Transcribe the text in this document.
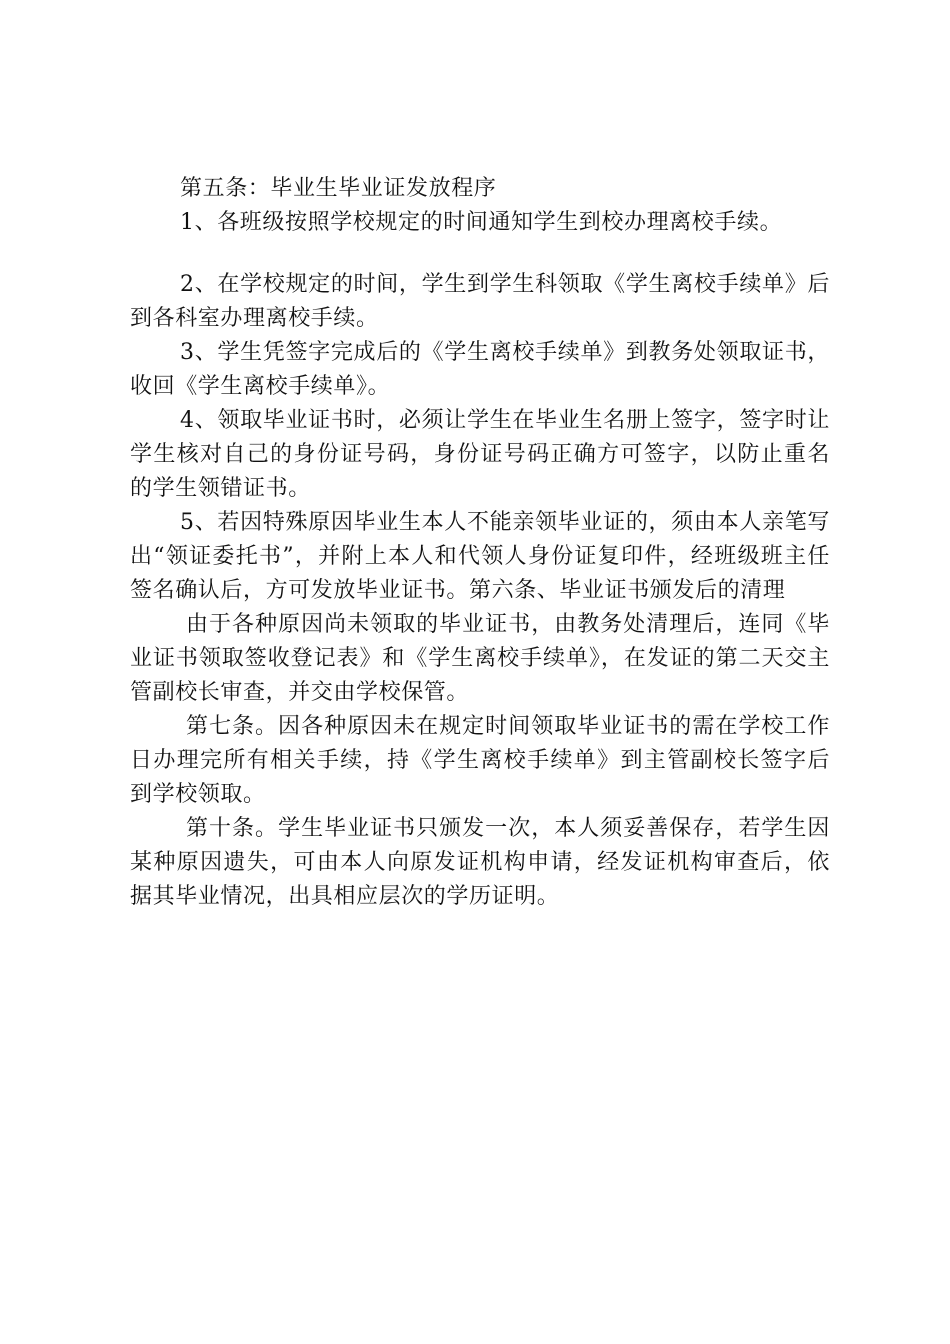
第五条：毕业生毕业证发放程序

1、各班级按照学校规定的时间通知学生到校办理离校手续。

2、在学校规定的时间，学生到学生科领取《学生离校手续单》后到各科室办理离校手续。

3、学生凭签字完成后的《学生离校手续单》到教务处领取证书，收回《学生离校手续单》。

4、领取毕业证书时，必须让学生在毕业生名册上签字，签字时让学生核对自己的身份证号码，身份证号码正确方可签字，以防止重名的学生领错证书。

5、若因特殊原因毕业生本人不能亲领毕业证的，须由本人亲笔写出“领证委托书”，并附上本人和代领人身份证复印件，经班级班主任签名确认后，方可发放毕业证书。第六条、毕业证书颁发后的清理

由于各种原因尚未领取的毕业证书，由教务处清理后，连同《毕业证书领取签收登记表》和《学生离校手续单》，在发证的第二天交主管副校长审查，并交由学校保管。

第七条。因各种原因未在规定时间领取毕业证书的需在学校工作日办理完所有相关手续，持《学生离校手续单》到主管副校长签字后到学校领取。

第十条。学生毕业证书只颁发一次，本人须妥善保存，若学生因某种原因遗失，可由本人向原发证机构申请，经发证机构审查后，依据其毕业情况，出具相应层次的学历证明。
